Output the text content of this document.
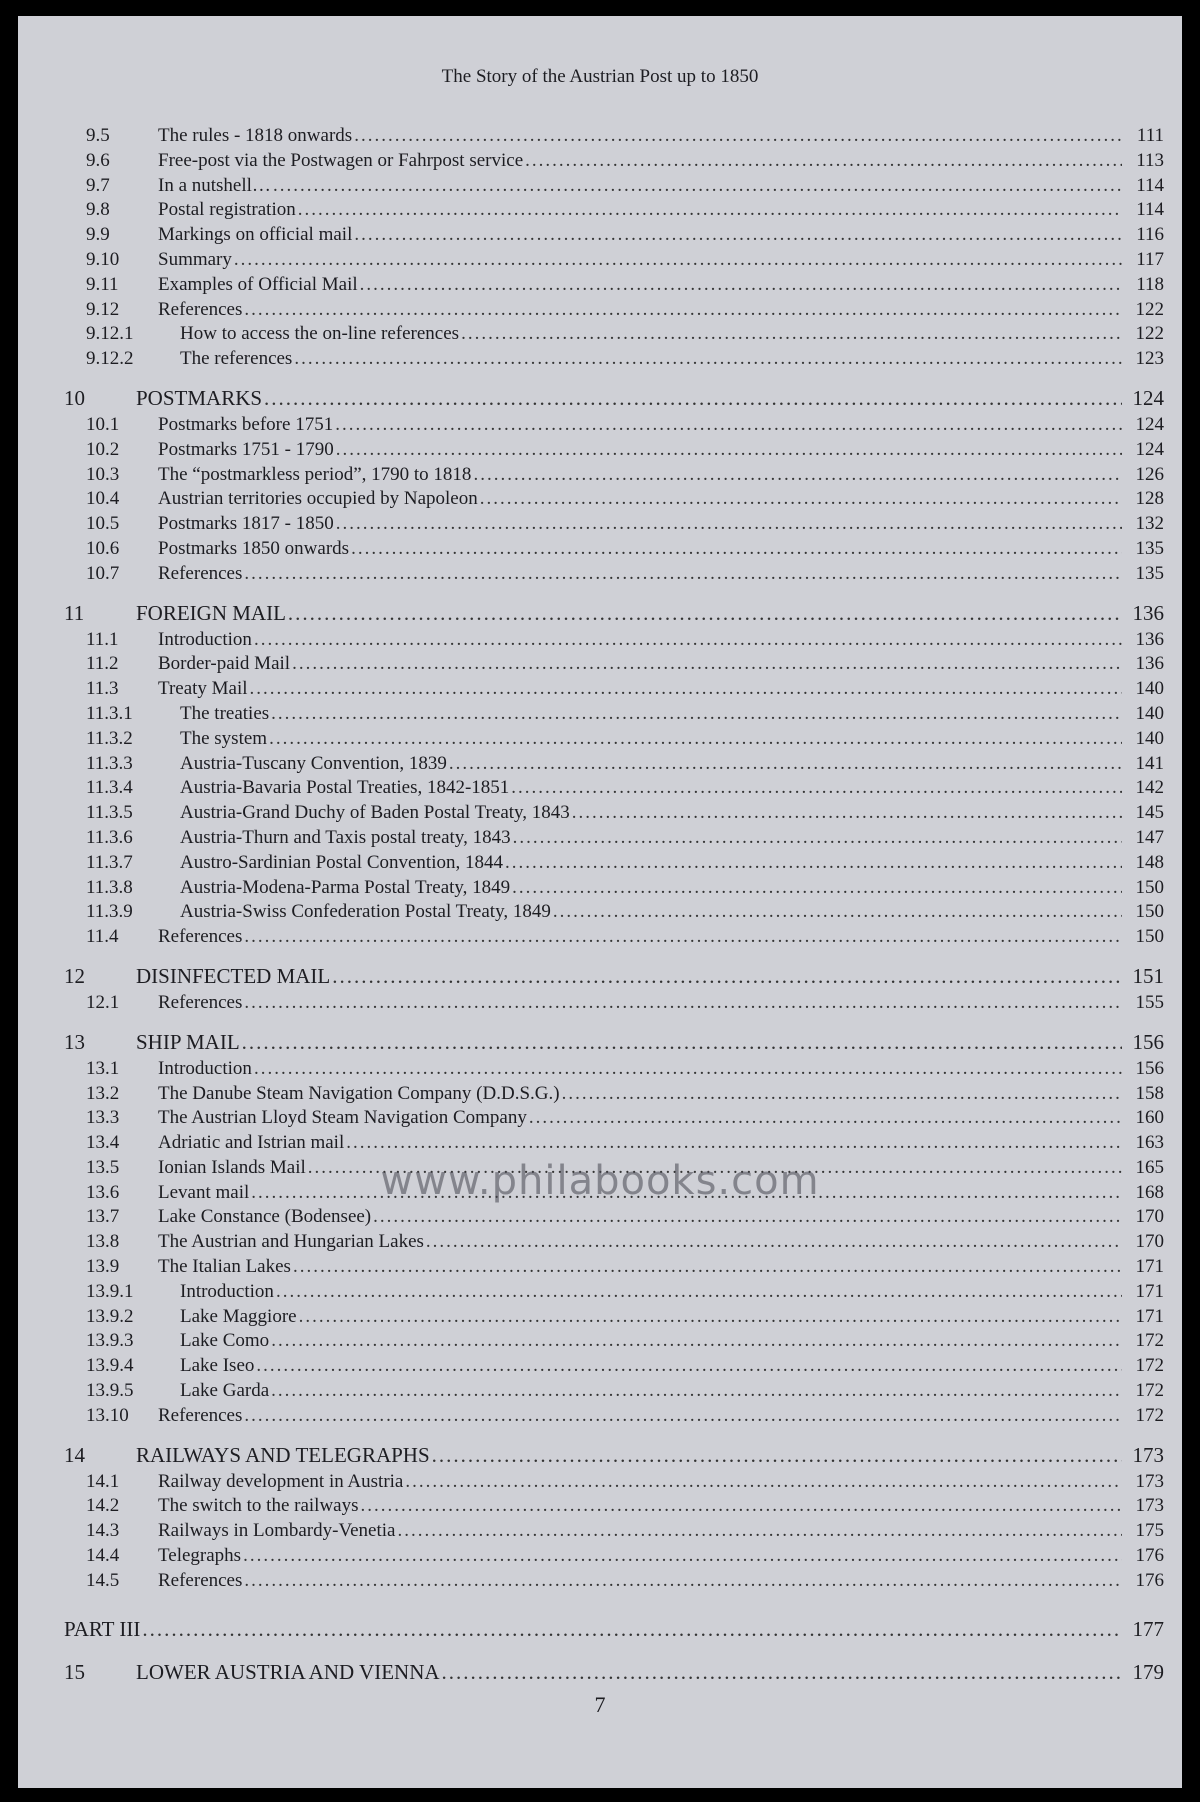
The Story of the Austrian Post up to 1850
9.5	The rules - 1818 onwards .....	111
9.6	Free-post via the Postwagen or Fahrpost service .....	113
9.7	In a nutshell… .....	114
9.8	Postal registration .....	114
9.9	Markings on official mail .....	116
9.10	Summary .....	117
9.11	Examples of Official Mail .....	118
9.12	References .....	122
9.12.1	How to access the on-line references .....	122
9.12.2	The references .....	123
10	POSTMARKS .....	124
10.1	Postmarks before 1751 .....	124
10.2	Postmarks 1751 - 1790 .....	124
10.3	The “postmarkless period”, 1790 to 1818 .....	126
10.4	Austrian territories occupied by Napoleon .....	128
10.5	Postmarks 1817 - 1850 .....	132
10.6	Postmarks 1850 onwards .....	135
10.7	References .....	135
11	FOREIGN MAIL .....	136
11.1	Introduction .....	136
11.2	Border-paid Mail .....	136
11.3	Treaty Mail .....	140
11.3.1	The treaties .....	140
11.3.2	The system .....	140
11.3.3	Austria-Tuscany Convention, 1839 .....	141
11.3.4	Austria-Bavaria Postal Treaties, 1842-1851 .....	142
11.3.5	Austria-Grand Duchy of Baden Postal Treaty, 1843 .....	145
11.3.6	Austria-Thurn and Taxis postal treaty, 1843 .....	147
11.3.7	Austro-Sardinian Postal Convention, 1844 .....	148
11.3.8	Austria-Modena-Parma Postal Treaty, 1849 .....	150
11.3.9	Austria-Swiss Confederation Postal Treaty, 1849 .....	150
11.4	References .....	150
12	DISINFECTED MAIL .....	151
12.1	References .....	155
13	SHIP MAIL .....	156
13.1	Introduction .....	156
13.2	The Danube Steam Navigation Company (D.D.S.G.) .....	158
13.3	The Austrian Lloyd Steam Navigation Company .....	160
13.4	Adriatic and Istrian mail .....	163
13.5	Ionian Islands Mail .....	165
13.6	Levant mail .....	168
13.7	Lake Constance (Bodensee) .....	170
13.8	The Austrian and Hungarian Lakes .....	170
13.9	The Italian Lakes .....	171
13.9.1	Introduction .....	171
13.9.2	Lake Maggiore .....	171
13.9.3	Lake Como .....	172
13.9.4	Lake Iseo .....	172
13.9.5	Lake Garda .....	172
13.10	References .....	172
14	RAILWAYS AND TELEGRAPHS .....	173
14.1	Railway development in Austria .....	173
14.2	The switch to the railways .....	173
14.3	Railways in Lombardy-Venetia .....	175
14.4	Telegraphs .....	176
14.5	References .....	176
PART III .....	177
15	LOWER AUSTRIA AND VIENNA .....	179
www.philabooks.com
7
